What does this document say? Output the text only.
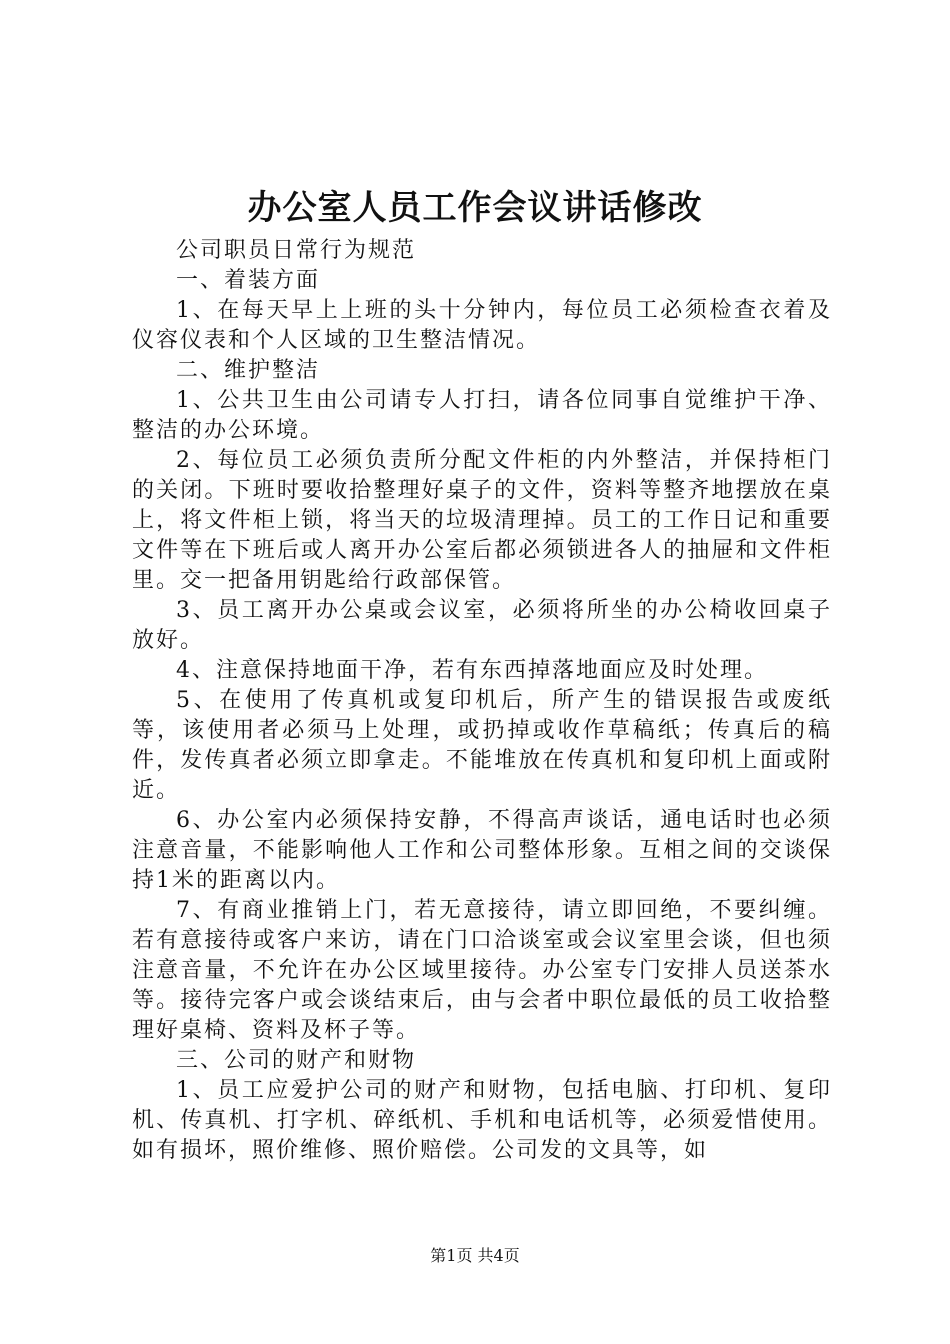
办公室人员工作会议讲话修改

公司职员日常行为规范

一、着装方面

1、在每天早上上班的头十分钟内，每位员工必须检查衣着及仪容仪表和个人区域的卫生整洁情况。

二、维护整洁

1、公共卫生由公司请专人打扫，请各位同事自觉维护干净、整洁的办公环境。

2、每位员工必须负责所分配文件柜的内外整洁，并保持柜门的关闭。下班时要收拾整理好桌子的文件，资料等整齐地摆放在桌上，将文件柜上锁，将当天的垃圾清理掉。员工的工作日记和重要文件等在下班后或人离开办公室后都必须锁进各人的抽屉和文件柜里。交一把备用钥匙给行政部保管。

3、员工离开办公桌或会议室，必须将所坐的办公椅收回桌子放好。

4、注意保持地面干净，若有东西掉落地面应及时处理。

5、在使用了传真机或复印机后，所产生的错误报告或废纸等，该使用者必须马上处理，或扔掉或收作草稿纸；传真后的稿件，发传真者必须立即拿走。不能堆放在传真机和复印机上面或附近。

6、办公室内必须保持安静，不得高声谈话，通电话时也必须注意音量，不能影响他人工作和公司整体形象。互相之间的交谈保持1米的距离以内。

7、有商业推销上门，若无意接待，请立即回绝，不要纠缠。若有意接待或客户来访，请在门口洽谈室或会议室里会谈，但也须注意音量，不允许在办公区域里接待。办公室专门安排人员送茶水等。接待完客户或会谈结束后，由与会者中职位最低的员工收拾整理好桌椅、资料及杯子等。

三、公司的财产和财物

1、员工应爱护公司的财产和财物，包括电脑、打印机、复印机、传真机、打字机、碎纸机、手机和电话机等，必须爱惜使用。如有损坏，照价维修、照价赔偿。公司发的文具等，如

第1页 共4页
